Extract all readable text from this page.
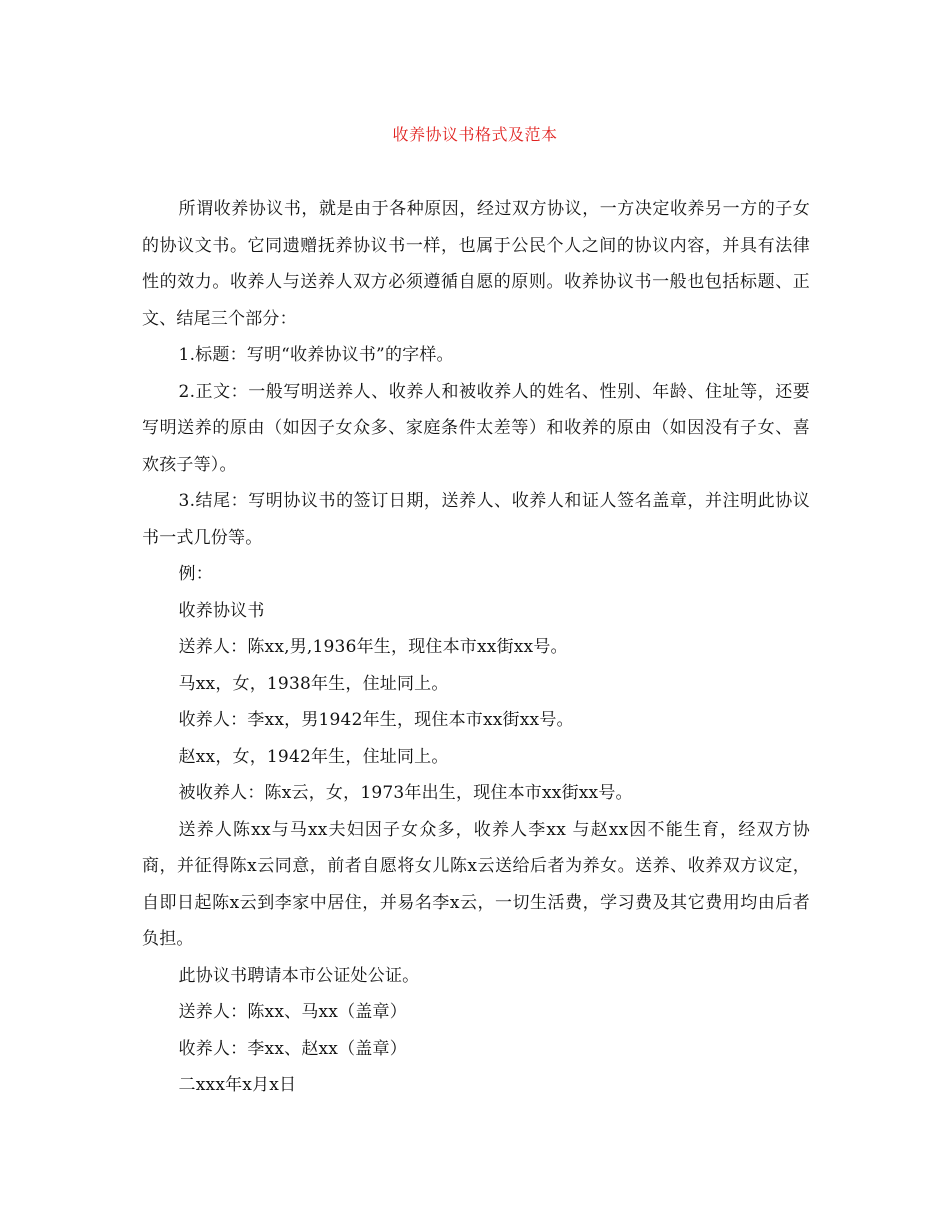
收养协议书格式及范本

所谓收养协议书，就是由于各种原因，经过双方协议，一方决定收养另一方的子女的协议文书。它同遗赠抚养协议书一样，也属于公民个人之间的协议内容，并具有法律性的效力。收养人与送养人双方必须遵循自愿的原则。收养协议书一般也包括标题、正文、结尾三个部分：

1.标题：写明“收养协议书”的字样。

2.正文：一般写明送养人、收养人和被收养人的姓名、性别、年龄、住址等，还要写明送养的原由（如因子女众多、家庭条件太差等）和收养的原由（如因没有子女、喜欢孩子等）。

3.结尾：写明协议书的签订日期，送养人、收养人和证人签名盖章，并注明此协议书一式几份等。

例：

收养协议书

送养人：陈xx,男,1936年生，现住本市xx街xx号。

马xx，女，1938年生，住址同上。

收养人：李xx，男1942年生，现住本市xx街xx号。

赵xx，女，1942年生，住址同上。

被收养人：陈x云，女，1973年出生，现住本市xx街xx号。

送养人陈xx与马xx夫妇因子女众多，收养人李xx 与赵xx因不能生育，经双方协商，并征得陈x云同意，前者自愿将女儿陈x云送给后者为养女。送养、收养双方议定，自即日起陈x云到李家中居住，并易名李x云，一切生活费，学习费及其它费用均由后者负担。

此协议书聘请本市公证处公证。

送养人：陈xx、马xx（盖章）

收养人：李xx、赵xx（盖章）

二xxx年x月x日
